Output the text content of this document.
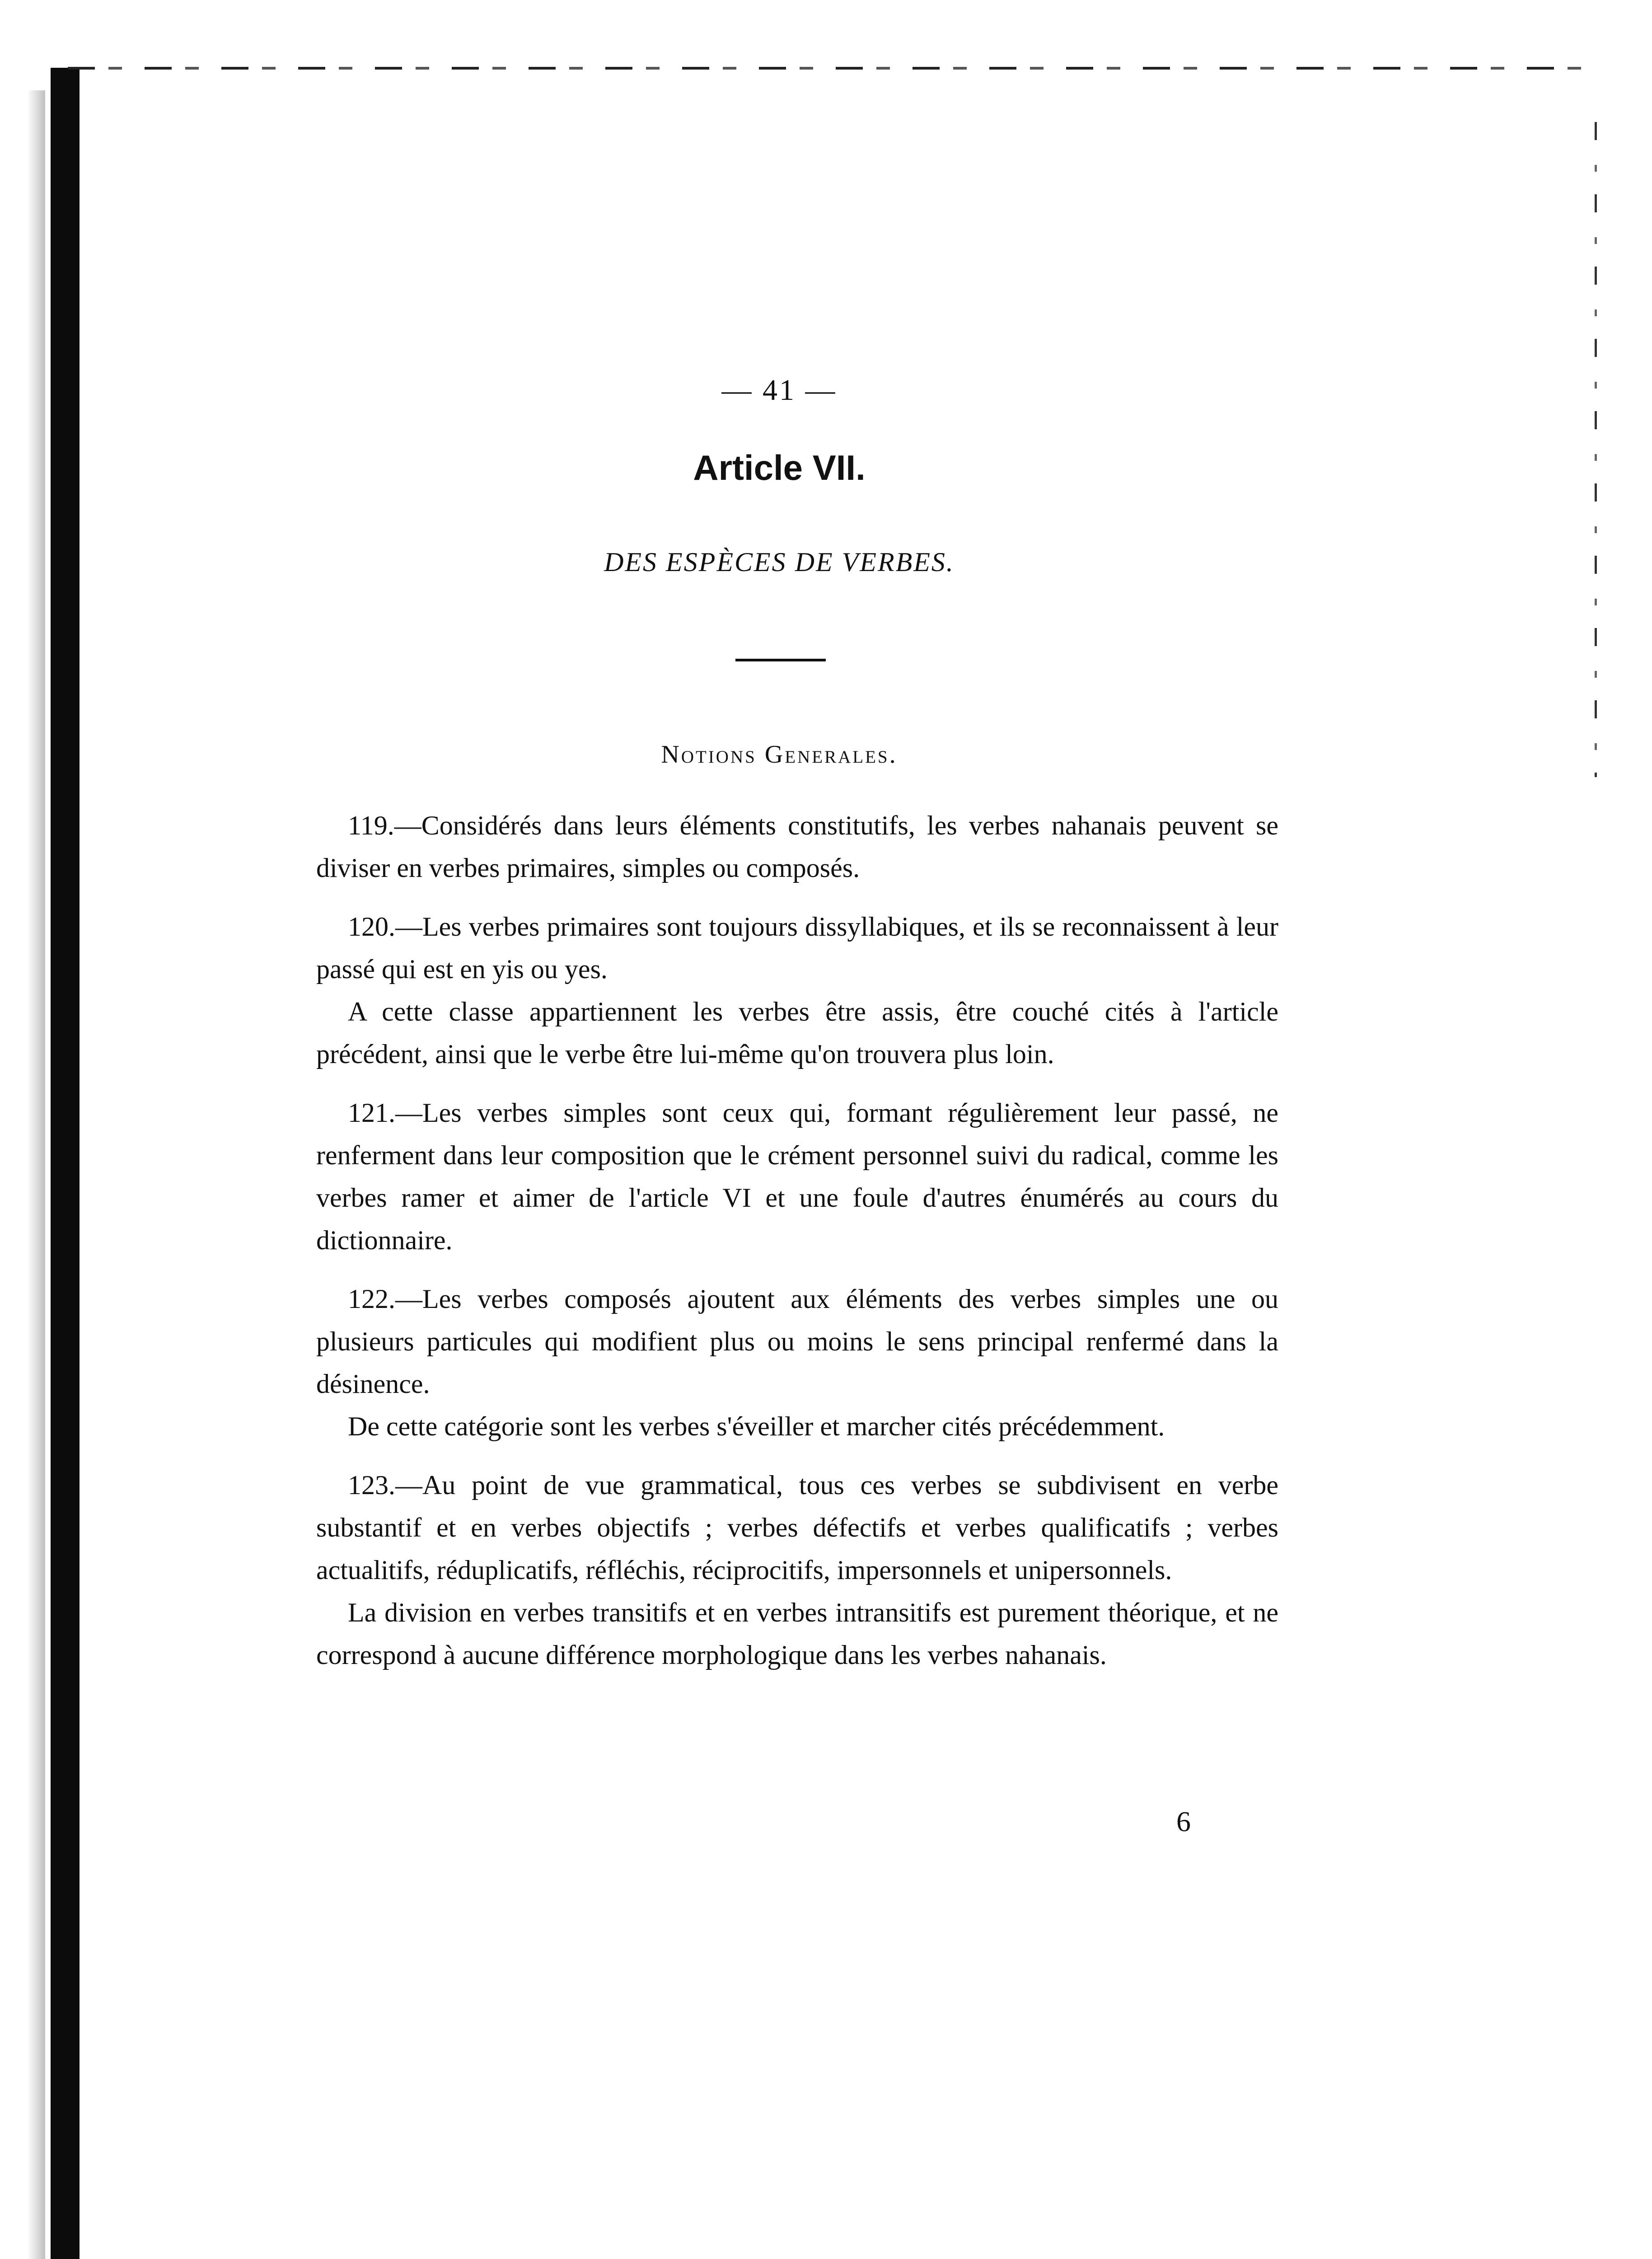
— 41 —
Article VII.
DES ESPÈCES DE VERBES.
Notions Generales.

119.—Considérés dans leurs éléments constitutifs, les verbes nahanais peuvent se diviser en verbes primaires, simples ou composés.

120.—Les verbes primaires sont toujours dissyllabiques, et ils se reconnaissent à leur passé qui est en yis ou yes.

A cette classe appartiennent les verbes être assis, être couché cités à l'article précédent, ainsi que le verbe être lui-même qu'on trouvera plus loin.

121.—Les verbes simples sont ceux qui, formant régulièrement leur passé, ne renferment dans leur composition que le crément personnel suivi du radical, comme les verbes ramer et aimer de l'article VI et une foule d'autres énumérés au cours du dictionnaire.

122.—Les verbes composés ajoutent aux éléments des verbes simples une ou plusieurs particules qui modifient plus ou moins le sens principal renfermé dans la désinence.

De cette catégorie sont les verbes s'éveiller et marcher cités précédemment.

123.—Au point de vue grammatical, tous ces verbes se subdivisent en verbe substantif et en verbes objectifs ; verbes défectifs et verbes qualificatifs ; verbes actualitifs, réduplicatifs, réfléchis, réciprocitifs, impersonnels et unipersonnels.

La division en verbes transitifs et en verbes intransitifs est purement théorique, et ne correspond à aucune différence morphologique dans les verbes nahanais.

6
